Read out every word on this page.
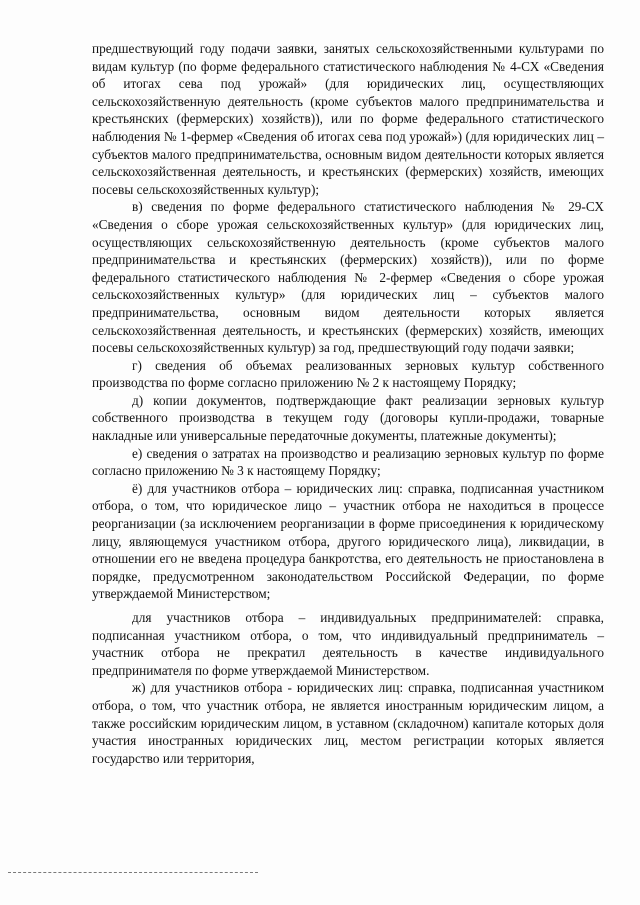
предшествующий году подачи заявки, занятых сельскохозяйственными культурами по видам культур (по форме федерального статистического наблюдения № 4-СХ «Сведения об итогах сева под урожай» (для юридических лиц, осуществляющих сельскохозяйственную деятельность (кроме субъектов малого предпринимательства и крестьянских (фермерских) хозяйств)), или по форме федерального статистического наблюдения № 1-фермер «Сведения об итогах сева под урожай») (для юридических лиц – субъектов малого предпринимательства, основным видом деятельности которых является сельскохозяйственная деятельность, и крестьянских (фермерских) хозяйств, имеющих посевы сельскохозяйственных культур);

в) сведения по форме федерального статистического наблюдения № 29-СХ «Сведения о сборе урожая сельскохозяйственных культур» (для юридических лиц, осуществляющих сельскохозяйственную деятельность (кроме субъектов малого предпринимательства и крестьянских (фермерских) хозяйств)), или по форме федерального статистического наблюдения № 2-фермер «Сведения о сборе урожая сельскохозяйственных культур» (для юридических лиц – субъектов малого предпринимательства, основным видом деятельности которых является сельскохозяйственная деятельность, и крестьянских (фермерских) хозяйств, имеющих посевы сельскохозяйственных культур) за год, предшествующий году подачи заявки;

г) сведения об объемах реализованных зерновых культур собственного производства по форме согласно приложению № 2 к настоящему Порядку;

д) копии документов, подтверждающие факт реализации зерновых культур собственного производства в текущем году (договоры купли-продажи, товарные накладные или универсальные передаточные документы, платежные документы);

е) сведения о затратах на производство и реализацию зерновых культур по форме согласно приложению № 3 к настоящему Порядку;

ё) для участников отбора – юридических лиц: справка, подписанная участником отбора, о том, что юридическое лицо – участник отбора не находиться в процессе реорганизации (за исключением реорганизации в форме присоединения к юридическому лицу, являющемуся участником отбора, другого юридического лица), ликвидации, в отношении его не введена процедура банкротства, его деятельность не приостановлена в порядке, предусмотренном законодательством Российской Федерации, по форме утверждаемой Министерством;

для участников отбора – индивидуальных предпринимателей: справка, подписанная участником отбора, о том, что индивидуальный предприниматель – участник отбора не прекратил деятельность в качестве индивидуального предпринимателя по форме утверждаемой Министерством.

ж) для участников отбора - юридических лиц: справка, подписанная участником отбора, о том, что участник отбора, не является иностранным юридическим лицом, а также российским юридическим лицом, в уставном (складочном) капитале которых доля участия иностранных юридических лиц, местом регистрации которых является государство или территория,
